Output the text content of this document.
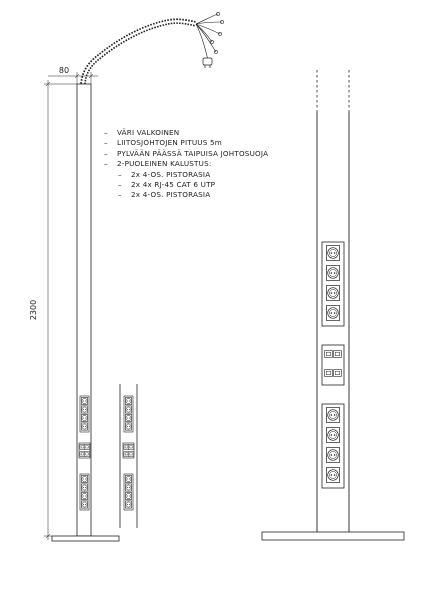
80
2300
– VÄRI VALKOINEN
– LIITOSJOHTOJEN PITUUS 5m
– PYLVÄÄN PÄÄSSÄ TAIPUISA JOHTOSUOJA
– 2-PUOLEINEN KALUSTUS:
– 2x 4-OS. PISTORASIA
– 2x 4x RJ-45 CAT 6 UTP
– 2x 4-OS. PISTORASIA
